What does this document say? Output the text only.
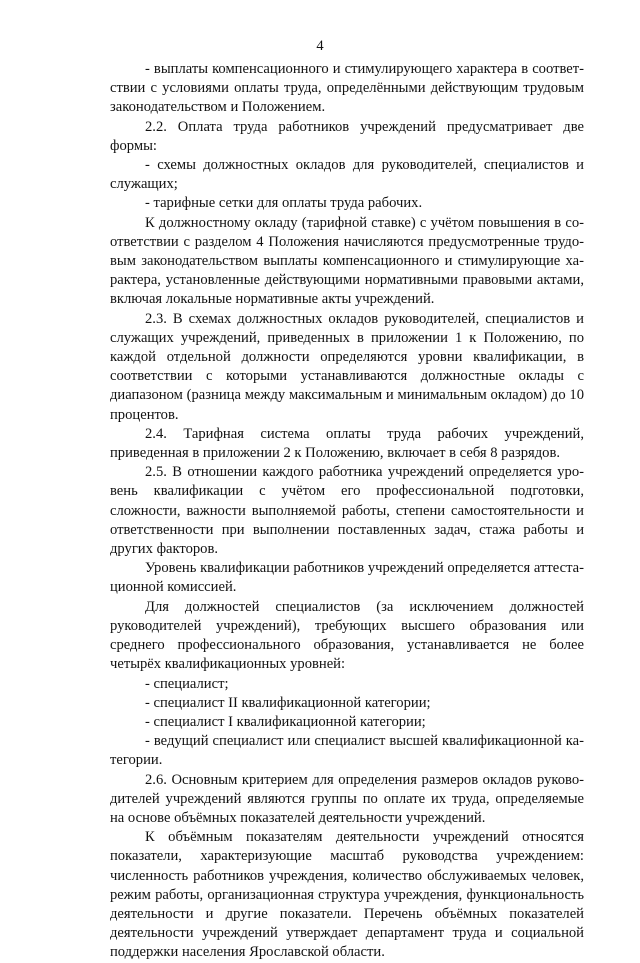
4

- выплаты компенсационного и стимулирующего характера в соответствии с условиями оплаты труда, определёнными действующим трудовым законодательством и Положением.

2.2. Оплата труда работников учреждений предусматривает две формы:

- схемы должностных окладов для руководителей, специалистов и служащих;

- тарифные сетки для оплаты труда рабочих.

К должностному окладу (тарифной ставке) с учётом повышения в соответствии с разделом 4 Положения начисляются предусмотренные трудовым законодательством выплаты компенсационного и стимулирующие характера, установленные действующими нормативными правовыми актами, включая локальные нормативные акты учреждений.

2.3. В схемах должностных окладов руководителей, специалистов и служащих учреждений, приведенных в приложении 1 к Положению, по каждой отдельной должности определяются уровни квалификации, в соответствии с которыми устанавливаются должностные оклады с диапазоном (разница между максимальным и минимальным окладом) до 10 процентов.

2.4. Тарифная система оплаты труда рабочих учреждений, приведенная в приложении 2 к Положению, включает в себя 8 разрядов.

2.5. В отношении каждого работника учреждений определяется уровень квалификации с учётом его профессиональной подготовки, сложности, важности выполняемой работы, степени самостоятельности и ответственности при выполнении поставленных задач, стажа работы и других факторов.

Уровень квалификации работников учреждений определяется аттестационной комиссией.

Для должностей специалистов (за исключением должностей руководителей учреждений), требующих высшего образования или среднего профессионального образования, устанавливается не более четырёх квалификационных уровней:

- специалист;

- специалист II квалификационной категории;

- специалист I квалификационной категории;

- ведущий специалист или специалист высшей квалификационной категории.

2.6. Основным критерием для определения размеров окладов руководителей учреждений являются группы по оплате их труда, определяемые на основе объёмных показателей деятельности учреждений.

К объёмным показателям деятельности учреждений относятся показатели, характеризующие масштаб руководства учреждением: численность работников учреждения, количество обслуживаемых человек, режим работы, организационная структура учреждения, функциональность деятельности и другие показатели. Перечень объёмных показателей деятельности учреждений утверждает департамент труда и социальной поддержки населения Ярославской области.
